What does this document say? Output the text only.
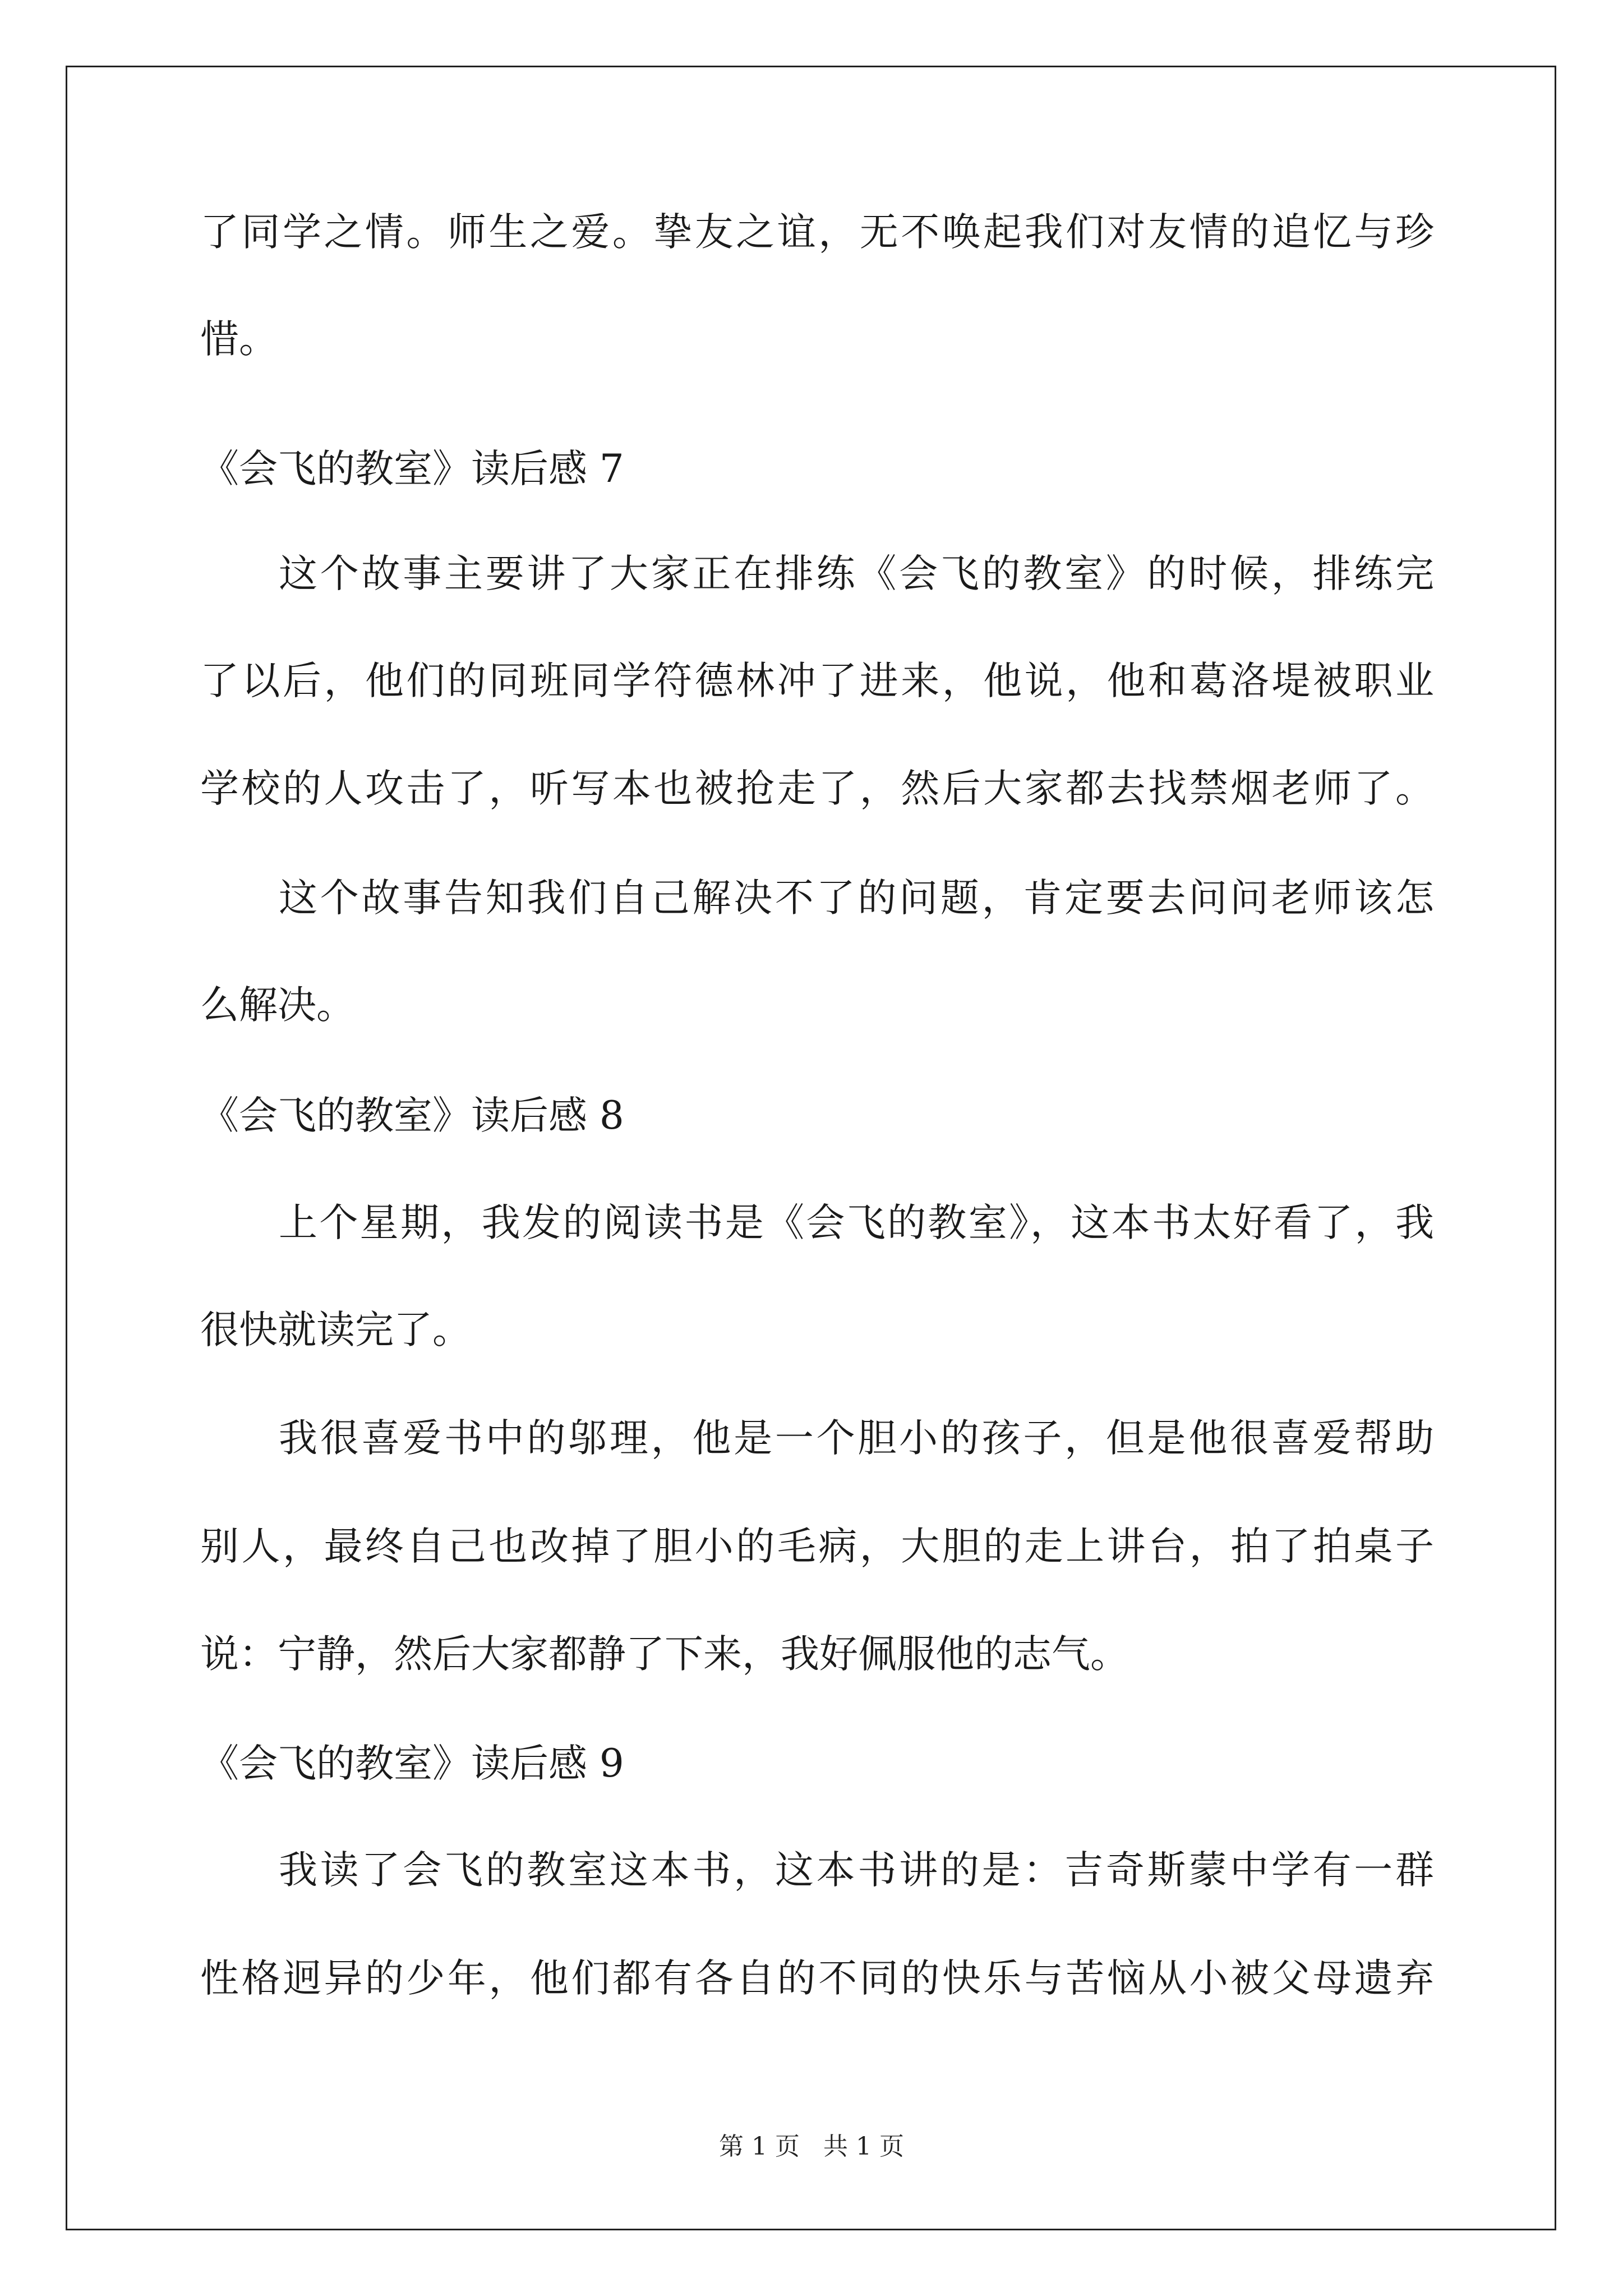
了同学之情。师生之爱。挚友之谊，无不唤起我们对友情的追忆与珍
惜。
《会飞的教室》读后感 7
这个故事主要讲了大家正在排练《会飞的教室》的时候，排练完
了以后，他们的同班同学符德林冲了进来，他说，他和葛洛堤被职业
学校的人攻击了，听写本也被抢走了，然后大家都去找禁烟老师了。
这个故事告知我们自己解决不了的问题，肯定要去问问老师该怎
么解决。
《会飞的教室》读后感 8
上个星期，我发的阅读书是《会飞的教室》，这本书太好看了，我
很快就读完了。
我很喜爱书中的邬理，他是一个胆小的孩子，但是他很喜爱帮助
别人，最终自己也改掉了胆小的毛病，大胆的走上讲台，拍了拍桌子
说：宁静，然后大家都静了下来，我好佩服他的志气。
《会飞的教室》读后感 9
我读了会飞的教室这本书，这本书讲的是：吉奇斯蒙中学有一群
性格迥异的少年，他们都有各自的不同的快乐与苦恼从小被父母遗弃
第 1 页 共 1 页
